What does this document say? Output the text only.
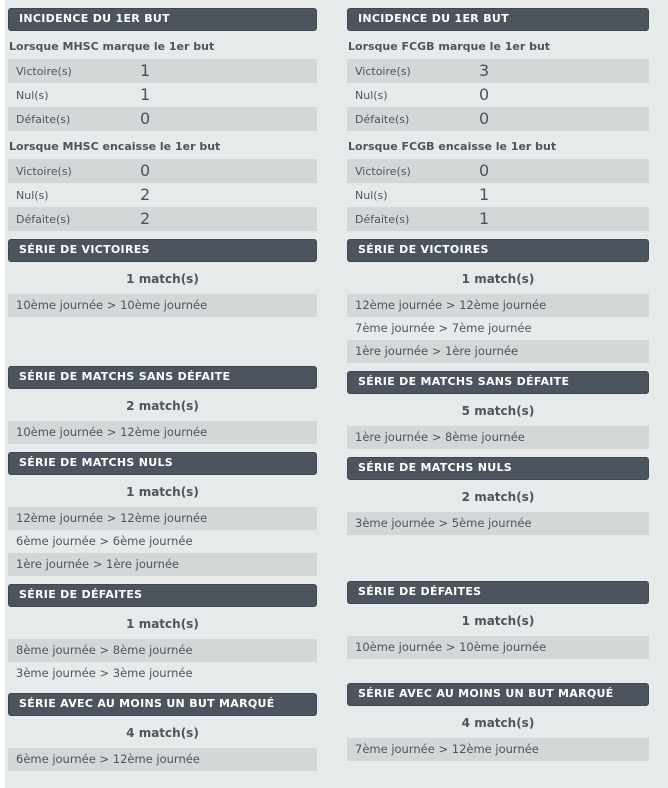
INCIDENCE DU 1ER BUT
Lorsque MHSC marque le 1er but
Victoire(s)	1
Nul(s)	1
Défaite(s)	0
Lorsque MHSC encaisse le 1er but
Victoire(s)	0
Nul(s)	2
Défaite(s)	2
SÉRIE DE VICTOIRES
1 match(s)
10ème journée > 10ème journée
SÉRIE DE MATCHS SANS DÉFAITE
2 match(s)
10ème journée > 12ème journée
SÉRIE DE MATCHS NULS
1 match(s)
12ème journée > 12ème journée
6ème journée > 6ème journée
1ère journée > 1ère journée
SÉRIE DE DÉFAITES
1 match(s)
8ème journée > 8ème journée
3ème journée > 3ème journée
SÉRIE AVEC AU MOINS UN BUT MARQUÉ
4 match(s)
6ème journée > 12ème journée
INCIDENCE DU 1ER BUT
Lorsque FCGB marque le 1er but
Victoire(s)	3
Nul(s)	0
Défaite(s)	0
Lorsque FCGB encaisse le 1er but
Victoire(s)	0
Nul(s)	1
Défaite(s)	1
SÉRIE DE VICTOIRES
1 match(s)
12ème journée > 12ème journée
7ème journée > 7ème journée
1ère journée > 1ère journée
SÉRIE DE MATCHS SANS DÉFAITE
5 match(s)
1ère journée > 8ème journée
SÉRIE DE MATCHS NULS
2 match(s)
3ème journée > 5ème journée
SÉRIE DE DÉFAITES
1 match(s)
10ème journée > 10ème journée
SÉRIE AVEC AU MOINS UN BUT MARQUÉ
4 match(s)
7ème journée > 12ème journée
